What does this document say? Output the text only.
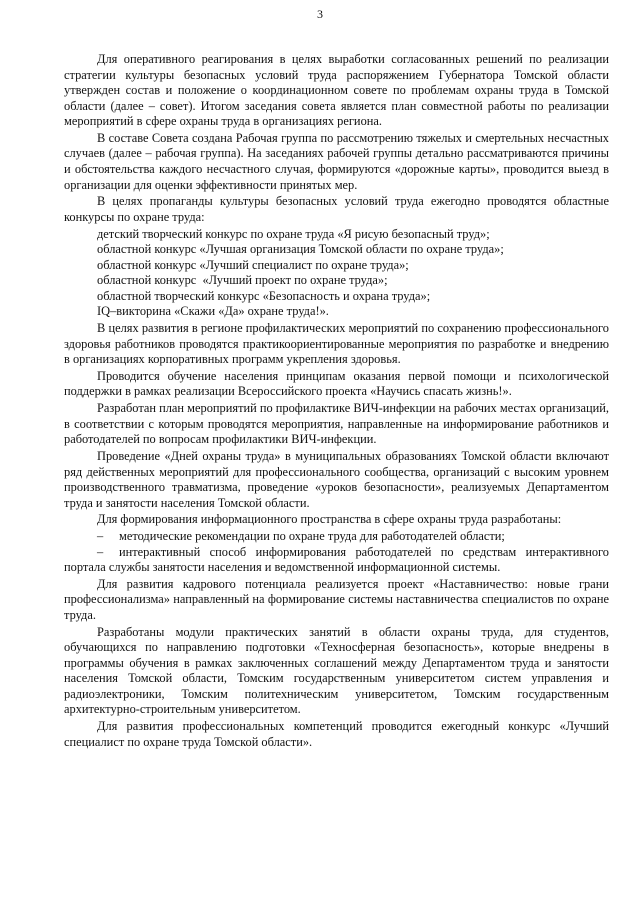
3

Для оперативного реагирования в целях выработки согласованных решений по реализации стратегии культуры безопасных условий труда распоряжением Губернатора Томской области утвержден состав и положение о координационном совете по проблемам охраны труда в Томской области (далее – совет). Итогом заседания совета является план совместной работы по реализации мероприятий в сфере охраны труда в организациях региона.

В составе Совета создана Рабочая группа по рассмотрению тяжелых и смертельных несчастных случаев (далее – рабочая группа). На заседаниях рабочей группы детально рассматриваются причины и обстоятельства каждого несчастного случая, формируются «дорожные карты», проводится выезд в организации для оценки эффективности принятых мер.

В целях пропаганды культуры безопасных условий труда ежегодно проводятся областные конкурсы по охране труда:

детский творческий конкурс по охране труда «Я рисую безопасный труд»;

областной конкурс «Лучшая организация Томской области по охране труда»;

областной конкурс «Лучший специалист по охране труда»;

областной конкурс  «Лучший проект по охране труда»;

областной творческий конкурс «Безопасность и охрана труда»;

IQ–викторина «Скажи «Да» охране труда!».

В целях развития в регионе профилактических мероприятий по сохранению профессионального здоровья работников проводятся практикоориентированные мероприятия по разработке и внедрению в организациях корпоративных программ укрепления здоровья.

Проводится обучение населения принципам оказания первой помощи и психологической поддержки в рамках реализации Всероссийского проекта «Научись спасать жизнь!».

Разработан план мероприятий по профилактике ВИЧ-инфекции на рабочих местах организаций, в соответствии с которым проводятся мероприятия, направленные на информирование работников и работодателей по вопросам профилактики ВИЧ-инфекции.

Проведение «Дней охраны труда» в муниципальных образованиях Томской области включают ряд действенных мероприятий для профессионального сообщества, организаций с высоким уровнем производственного травматизма, проведение «уроков безопасности», реализуемых Департаментом труда и занятости населения Томской области.

Для формирования информационного пространства в сфере охраны труда разработаны:

– методические рекомендации по охране труда для работодателей области;

– интерактивный способ информирования работодателей по средствам интерактивного портала службы занятости населения и ведомственной информационной системы.

Для развития кадрового потенциала реализуется проект «Наставничество: новые грани профессионализма» направленный на формирование системы наставничества специалистов по охране труда.

Разработаны модули практических занятий в области охраны труда, для студентов, обучающихся по направлению подготовки «Техносферная безопасность», которые внедрены в программы обучения в рамках заключенных соглашений между Департаментом труда и занятости населения Томской области, Томским государственным университетом систем управления и радиоэлектроники, Томским политехническим университетом, Томским государственным архитектурно-строительным университетом.

Для развития профессиональных компетенций проводится ежегодный конкурс «Лучший специалист по охране труда Томской области».
